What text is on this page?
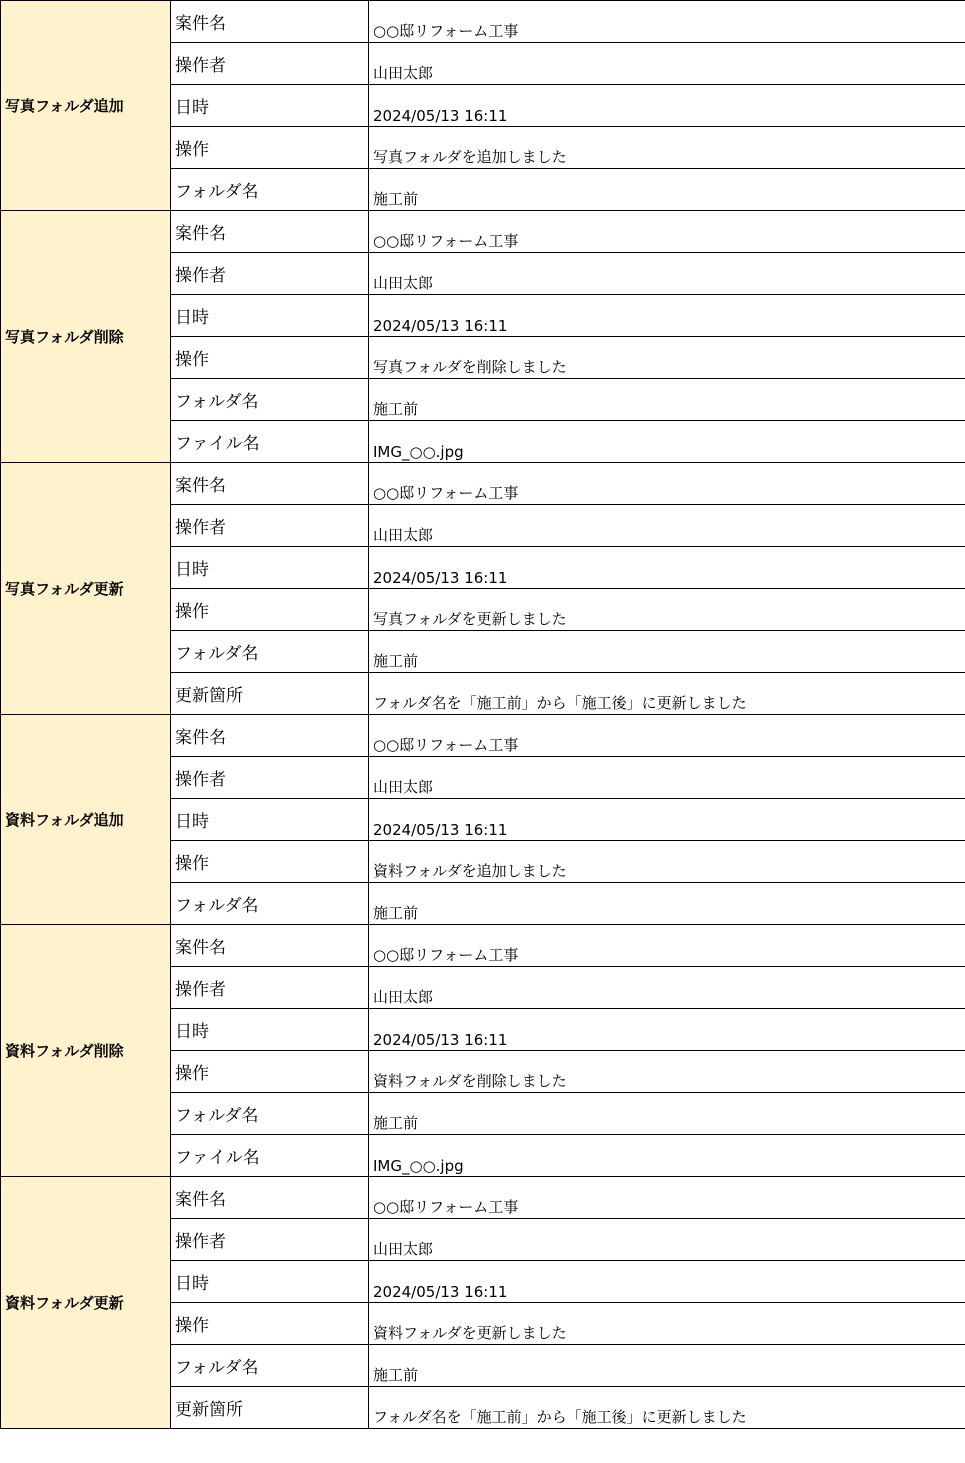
写真フォルダ追加	案件名	○○邸リフォーム工事
	操作者	山田太郎
	日時	2024/05/13 16:11
	操作	写真フォルダを追加しました
	フォルダ名	施工前
写真フォルダ削除	案件名	○○邸リフォーム工事
	操作者	山田太郎
	日時	2024/05/13 16:11
	操作	写真フォルダを削除しました
	フォルダ名	施工前
	ファイル名	IMG_○○.jpg
写真フォルダ更新	案件名	○○邸リフォーム工事
	操作者	山田太郎
	日時	2024/05/13 16:11
	操作	写真フォルダを更新しました
	フォルダ名	施工前
	更新箇所	フォルダ名を「施工前」から「施工後」に更新しました
資料フォルダ追加	案件名	○○邸リフォーム工事
	操作者	山田太郎
	日時	2024/05/13 16:11
	操作	資料フォルダを追加しました
	フォルダ名	施工前
資料フォルダ削除	案件名	○○邸リフォーム工事
	操作者	山田太郎
	日時	2024/05/13 16:11
	操作	資料フォルダを削除しました
	フォルダ名	施工前
	ファイル名	IMG_○○.jpg
資料フォルダ更新	案件名	○○邸リフォーム工事
	操作者	山田太郎
	日時	2024/05/13 16:11
	操作	資料フォルダを更新しました
	フォルダ名	施工前
	更新箇所	フォルダ名を「施工前」から「施工後」に更新しました
